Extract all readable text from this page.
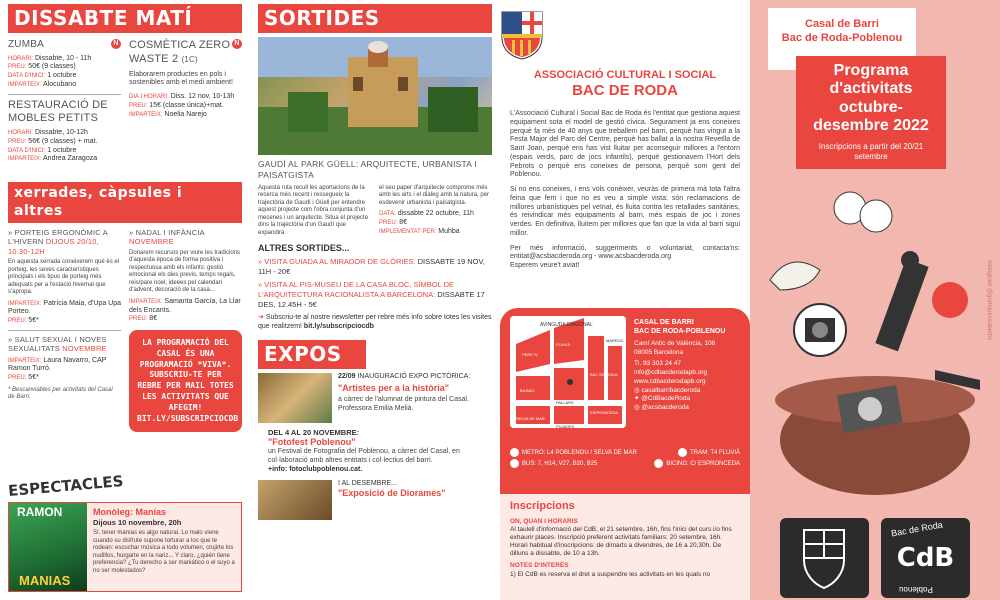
DISSABTE MATÍ
N
ZUMBA
HORARI: Dissabte, 10 - 11h
PREU: 50€ (9 classes)
DATA D'INICI: 1 octubre
IMPARTEIX: Alocubano
RESTAURACIÓ DE MOBLES PETITS
HORARI: Dissabte, 10-12h
PREU: 56€ (9 classes) + mat.
DATA D'INICI: 1 octubre
IMPARTEIX: Andrea Zaragoza
N
COSMÈTICA ZERO WASTE 2 (1C)
Elaborarem productes en pols i sostenibles amb el medi ambient!
DIA I HORARI: Diss. 12 nov, 10-13h
PREU: 15€ (classe única)+mat.
IMPARTEIX: Noelia Narejo
xerrades, càpsules i altres
» PORTEIG ERGONÒMIC A L'HIVERN DIJOUS 20/10, 10.30-12H
En aquesta xerrada coneixerem què és el porteig, les seves característiques principals i els tipus de porteig més adequats per a l'estació hivernal que s'apropa.
IMPARTEIX: Patrícia Maia, d'Upa Upa Porteo.
PREU: 5€*
» SALUT SEXUAL I NOVES SEXUALITATS NOVEMBRE
IMPARTEIX: Laura Navarro, CAP Ramon Turró.
PREU: 5€*
* Bescanviables per activitats del Casal de Barri.
» NADAL I INFÀNCIA
NOVEMBRE
Donarem recursos per viure les tradicions d'aquesta època de forma positiva i respectuosa amb els infants: gestió emocional els dies previs, temps regals, reis/pare noel, ideees pel calendari d'advent, decoració de la casa...
IMPARTEIX: Samanta García, La Llar dels Encants.
PREU: 8€
LA PROGRAMACIÓ DEL CASAL ÉS UNA PROGRAMACIÓ *VIVA*. SUBSCRIU-TE PER REBRE PER MAIL TOTES LES ACTIVITATS QUE AFEGIM! BIT.LY/SUBSCRIPCIOCDB
ESPECTACLES
RAMON
MANIAS
Monòleg: Manías
Dijous 10 novembre, 20h
Sí, tener manías es algo natural. Lo malo viene cuando su disfrute supone torturar a los que te rodean: escuchar música a todo volumen, crujirte los nudillos, hurgarte en la nariz... Y claro, ¿quién tiene preferencia? ¿Tu derecho a ser maniático o el suyo a no ser molestados?
SORTIDES
GAUDÍ AL PARK GÜELL: ARQUITECTE, URBANISTA I PAISATGISTA
Aquesta ruta recull les aportacions de la recerca més recent i ressegueix la trajectòria de Gaudí i Güell per entendre aquest projecte com l'obra conjunta d'un mecenes i un arquitecte. Situa el projecte dins la trajectòria d'un Gaudí que expandirà
el seu paper d'arquitecte comprome més amb les arts i el diàleg amb la natura, per esdevenir urbanista i paisatgista.
DATA: dissabte 22 octubre, 11h
PREU: 8€
IMPLEMENTAT PER: Muhba
ALTRES SORTIDES...
» VISITA GUIADA AL MIRADOR DE GLÒRIES: DISSABTE 19 NOV, 11H - 20€
» VISITA AL PIS-MUSEU DE LA CASA BLOC, SÍMBOL DE L'ARQUITECTURA RACIONALISTA A BARCELONA: DISSABTE 17 DES, 12.45H - 5€
➜ Subscriu-te al nostre newsletter per rebre més info sobre totes les visites que realitzem! bit.ly/subscripciocdb
EXPOS
22/09 INAUGURACIÓ EXPO PICTÒRICA:
"Artistes per a la història"
a càrrec de l'alumnat de pintura del Casal. Professora Emilia Melià.
DEL 4 AL 20 NOVEMBRE:
"Fotofest Poblenou"
un Festival de Fotografia del Poblenou, a càrrec del Casal, en col·laboració amb altres entitats i col·lectius del barri.
+info: fotoclubpoblenou.cat.
I AL DESEMBRE...
"Exposició de Diorames"
ASSOCIACIÓ CULTURAL I SOCIAL
BAC DE RODA
L'Associació Cultural i Social Bac de Roda és l'entitat que gestiona aquest equipament sota el model de gestió cívica. Segurament ja ens coneixes perquè fa més de 40 anys que treballem pel barri, perquè has vingut a la Festa Major del Parc del Centre, perquè has ballat a la nostra Revetlla de Sant Joan, perquè ens has vist lluitar per aconseguir millores a l'entorn (espais verds, parc de jocs infantils), perquè gestionavem l'Hort dels Pebrots o perquè ens coneixes de persona, perquè som gent del Poblenou.
Si no ens coneixes, i ens vols conèixer, veuràs de primera mà tota l'altra feina que fem i que no es veu a simple vista: són reclamacions de millores urbanístiques pel veïnat, és lluita contra les retallades sanitàries, és reivindicar més equipaments al barri, més espais de joc i zones verdes. En definitiva, lluitem per millores que fan que la vida al barri sigui millor.
Per més informació, suggeriments o voluntariat, contacta'ns: entitat@acsbacderoda.org - www.acsbacderoda.org
Esperem veure't aviat!
AVINGUDA DIAGONAL
PERE IV
BILBAO
FLUVIÀ
PALLARS
PUJADES
BAC DE RODA
ESPRONCEDA
MARROC
SELVA DE MAR
CASAL DE BARRI
BAC DE RODA-POBLENOU
Camí Antic de València, 108
08005 Barcelona
Tl. 93 303 24 47
info@cdbacderodapb.org
www.cdbacderodapb.org
◎ casalbarribacderoda
✦ @CdBacdeRoda
◎ @acsbacderoda
METRO: L4 POBLENOU / SELVA DE MAR	TRAM: T4 FLUVIÀ
BUS: 7, H14, V27, B20, B25	BICING: C/ ESPRONCEDA
Inscripcions
ON, QUAN I HORARIS
Al taulell d'informació del CdB, el 21 setembre, 16h, fins l'inici del curs i/o fins exhaurir places. Inscripció preferent activitats familiars: 20 setembre, 16h. Horari habitual d'inscripcions: de dimarts a divendres, de 16 a 20,30h. De dilluns a dissabte, de 10 a 13h.
NOTES D'INTERÈS
1) El CdB es reserva el dret a suspendre les activitats en les quals no
Casal de Barri
Bac de Roda-Poblenou
Programa d'activitats octubre-desembre 2022
Inscripcions a partir del 20/21 setembre
instagram @grafiquessuberbs
Bac de Roda
CdB
Poblenou
